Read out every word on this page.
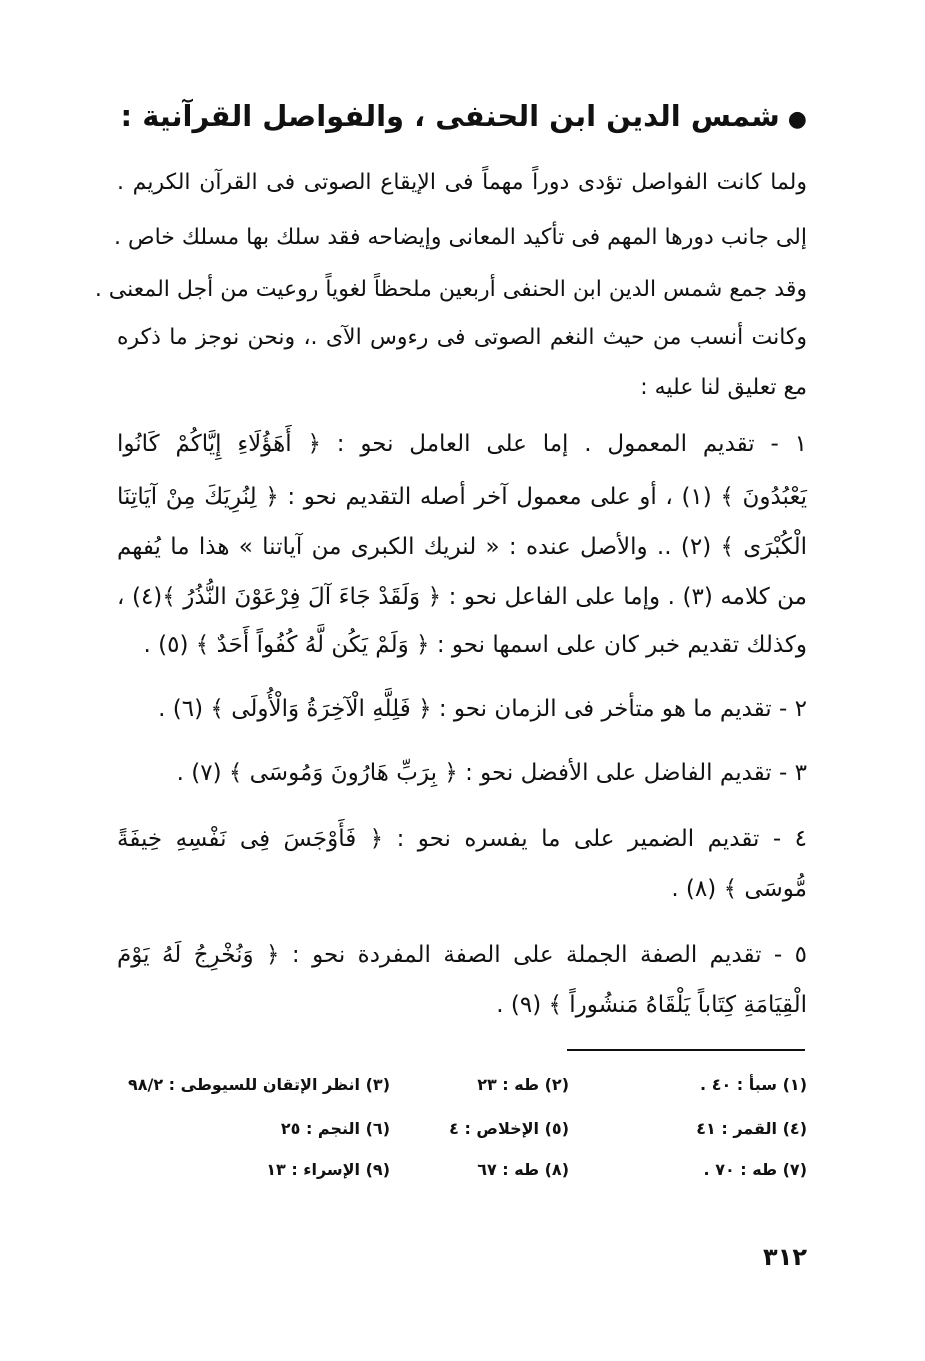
●شمس الدين ابن الحنفى ، والفواصل القرآنية :
ولما كانت الفواصل تؤدى دوراً مهماً فى الإيقاع الصوتى فى القرآن الكريم .
إلى جانب دورها المهم فى تأكيد المعانى وإيضاحه فقد سلك بها مسلك خاص .
وقد جمع شمس الدين ابن الحنفى أربعين ملحظاً لغوياً روعيت من أجل المعنى .
وكانت أنسب من حيث النغم الصوتى فى رءوس الآى .، ونحن نوجز ما ذكره
مع تعليق لنا عليه :
١ - تقديم المعمول . إما على العامل نحو : ﴿ أَهَؤُلَاءِ إِيَّاكُمْ كَانُوا
يَعْبُدُونَ ﴾ (١) ، أو على معمول آخر أصله التقديم نحو : ﴿ لِنُرِيَكَ مِنْ آيَاتِنَا
الْكُبْرَى ﴾ (٢) .. والأصل عنده : « لنريك الكبرى من آياتنا » هذا ما يُفهم
من كلامه (٣) . وإما على الفاعل نحو : ﴿ وَلَقَدْ جَاءَ آلَ فِرْعَوْنَ النُّذُرُ ﴾(٤) ،
وكذلك تقديم خبر كان على اسمها نحو : ﴿ وَلَمْ يَكُن لَّهُ كُفُواً أَحَدٌ ﴾ (٥) .
٢ - تقديم ما هو متأخر فى الزمان نحو : ﴿ فَلِلَّهِ الْآخِرَةُ وَالْأُولَى ﴾ (٦) .
٣ - تقديم الفاضل على الأفضل نحو : ﴿ بِرَبِّ هَارُونَ وَمُوسَى ﴾ (٧) .
٤ - تقديم الضمير على ما يفسره نحو : ﴿ فَأَوْجَسَ فِى نَفْسِهِ خِيفَةً
مُّوسَى ﴾ (٨) .
٥ - تقديم الصفة الجملة على الصفة المفردة نحو : ﴿ وَنُخْرِجُ لَهُ يَوْمَ
الْقِيَامَةِ كِتَاباً يَلْقَاهُ مَنشُوراً ﴾ (٩) .
(١) سبأ : ٤٠ .
(٢) طه : ٢٣
(٣) انظر الإتقان للسيوطى : ٩٨/٢
(٤) القمر : ٤١
(٥) الإخلاص : ٤
(٦) النجم : ٢٥
(٧) طه : ٧٠ .
(٨) طه : ٦٧
(٩) الإسراء : ١٣
٣١٢
